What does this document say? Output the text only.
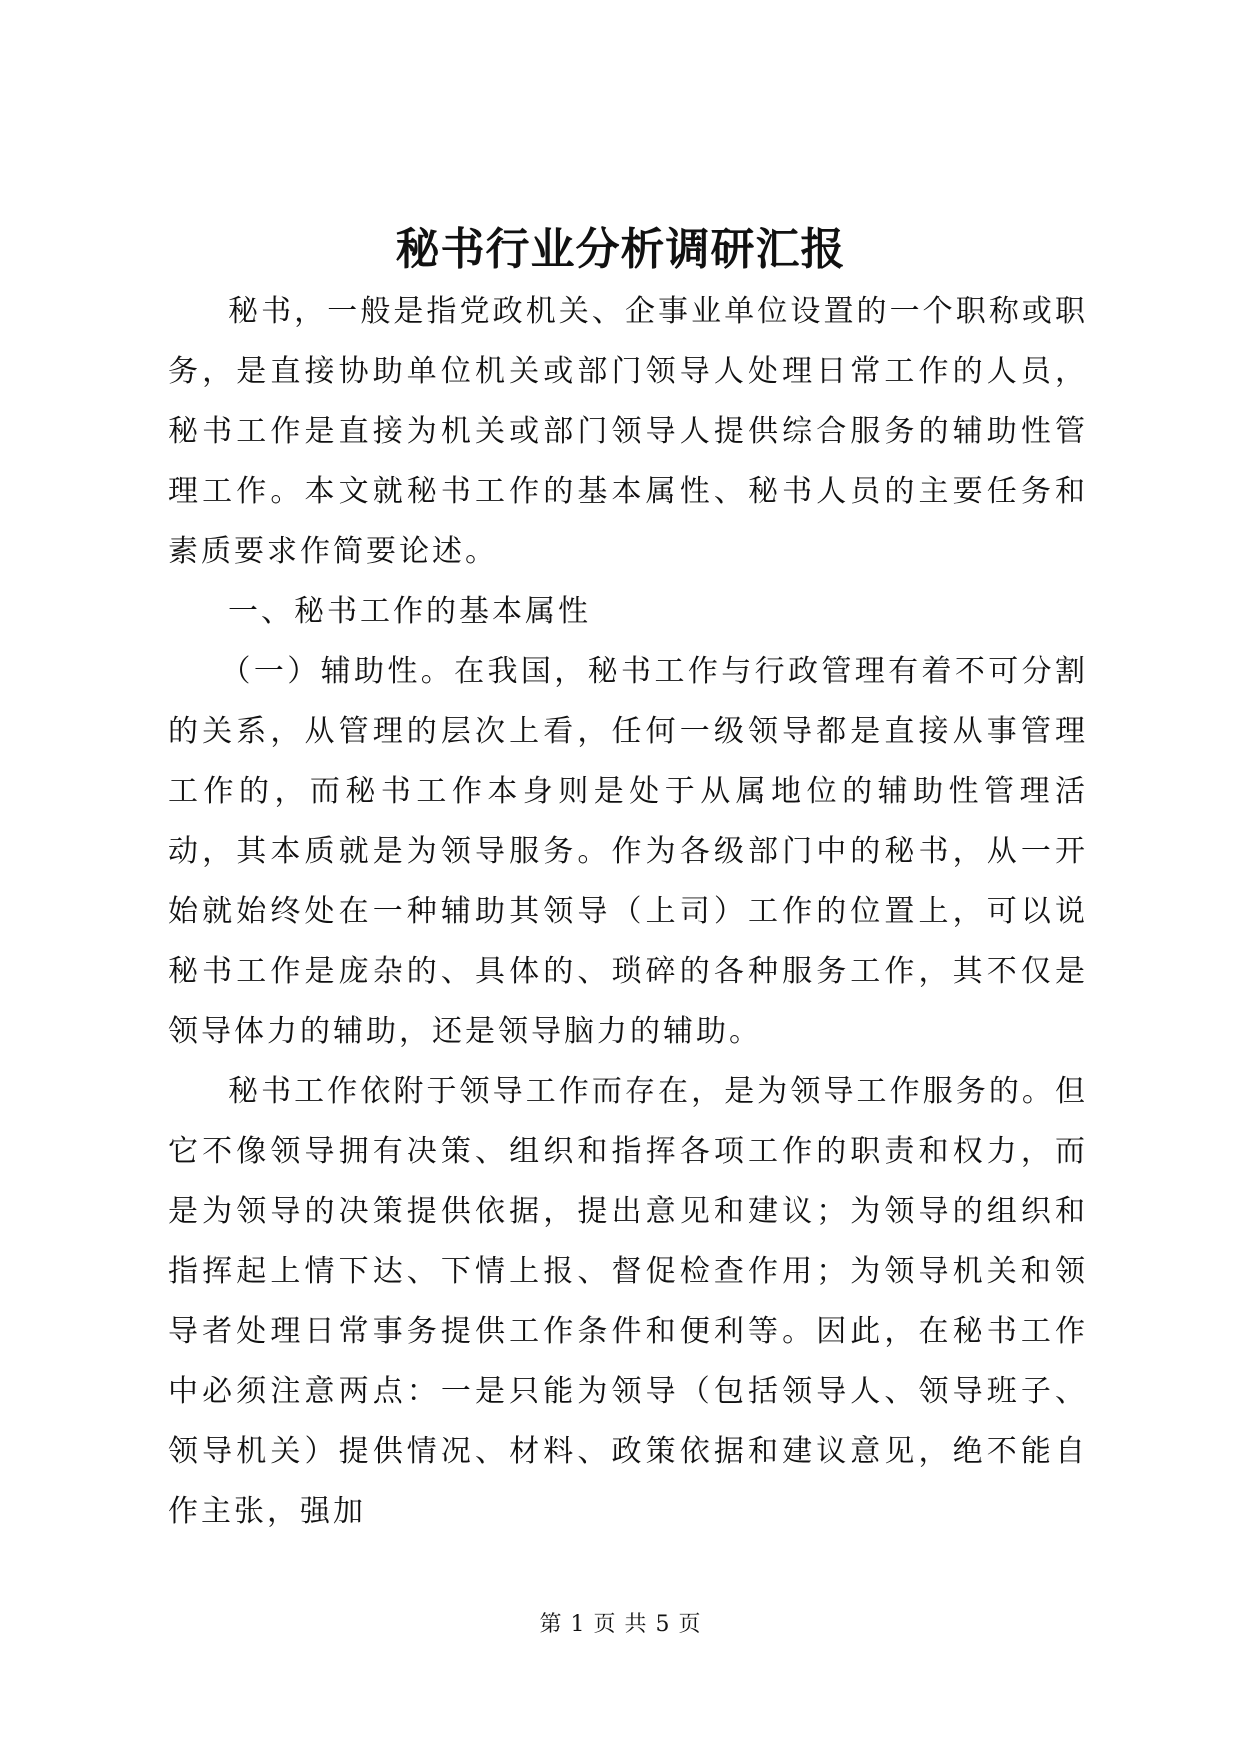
秘书行业分析调研汇报

秘书，一般是指党政机关、企事业单位设置的一个职称或职务，是直接协助单位机关或部门领导人处理日常工作的人员，秘书工作是直接为机关或部门领导人提供综合服务的辅助性管理工作。本文就秘书工作的基本属性、秘书人员的主要任务和素质要求作简要论述。

一、秘书工作的基本属性

（一）辅助性。在我国，秘书工作与行政管理有着不可分割的关系，从管理的层次上看，任何一级领导都是直接从事管理工作的，而秘书工作本身则是处于从属地位的辅助性管理活动，其本质就是为领导服务。作为各级部门中的秘书，从一开始就始终处在一种辅助其领导（上司）工作的位置上，可以说秘书工作是庞杂的、具体的、琐碎的各种服务工作，其不仅是领导体力的辅助，还是领导脑力的辅助。

秘书工作依附于领导工作而存在，是为领导工作服务的。但它不像领导拥有决策、组织和指挥各项工作的职责和权力，而是为领导的决策提供依据，提出意见和建议；为领导的组织和指挥起上情下达、下情上报、督促检查作用；为领导机关和领导者处理日常事务提供工作条件和便利等。因此，在秘书工作中必须注意两点：一是只能为领导（包括领导人、领导班子、领导机关）提供情况、材料、政策依据和建议意见，绝不能自作主张，强加

第 1 页 共 5 页
